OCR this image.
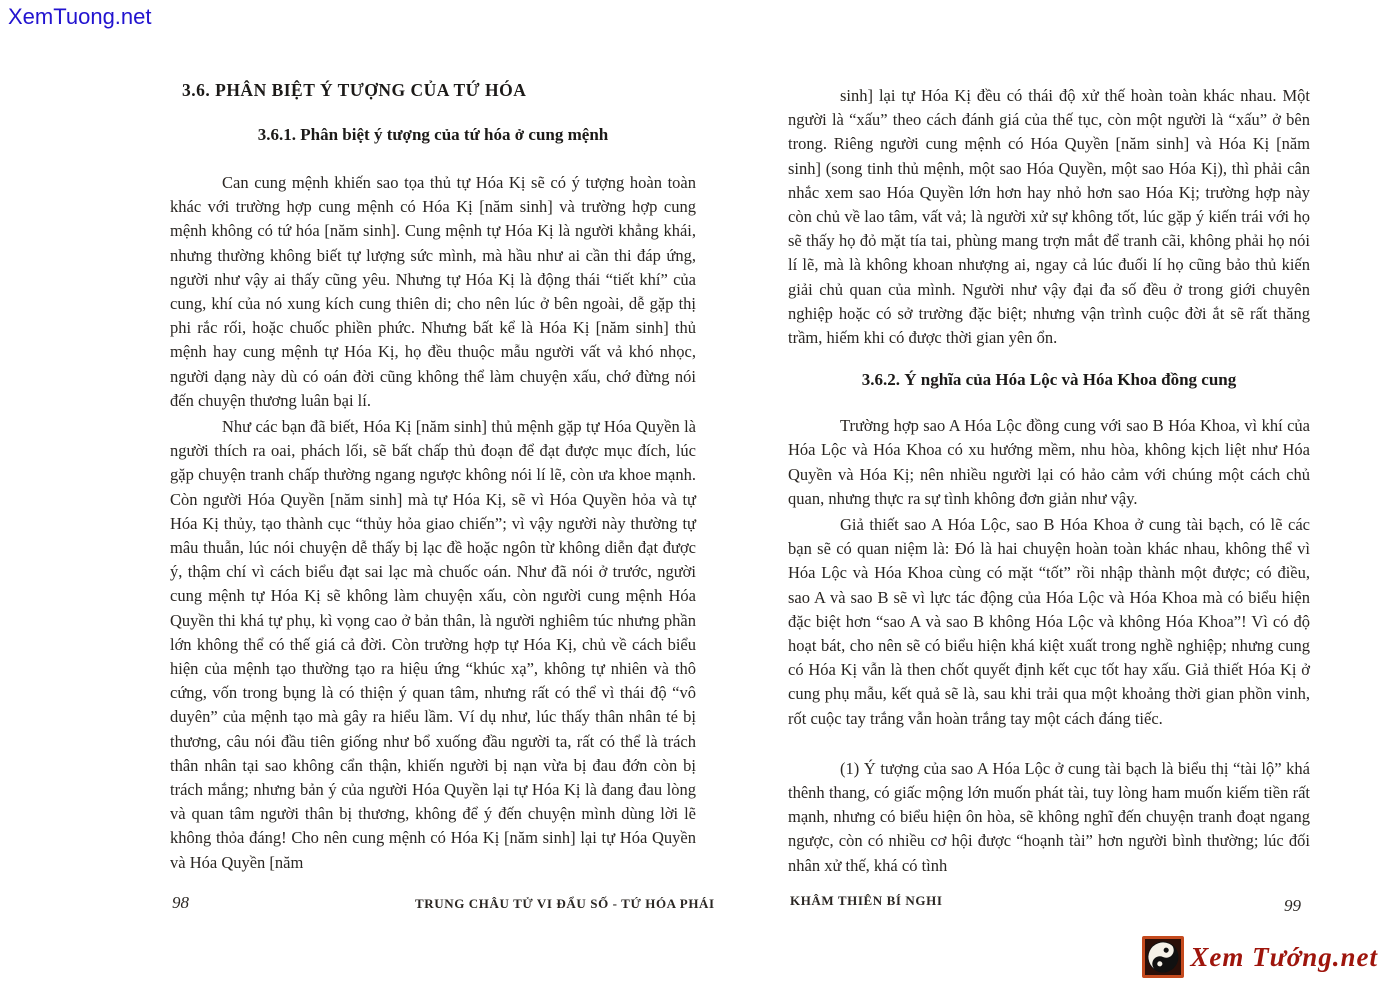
XemTuong.net
3.6. PHÂN BIỆT Ý TƯỢNG CỦA TỨ HÓA
3.6.1. Phân biệt ý tượng của tứ hóa ở cung mệnh

Can cung mệnh khiến sao tọa thủ tự Hóa Kị sẽ có ý tượng hoàn toàn khác với trường hợp cung mệnh có Hóa Kị [năm sinh] và trường hợp cung mệnh không có tứ hóa [năm sinh]. Cung mệnh tự Hóa Kị là người khẳng khái, nhưng thường không biết tự lượng sức mình, mà hầu như ai cần thi đáp ứng, người như vậy ai thấy cũng yêu. Nhưng tự Hóa Kị là động thái “tiết khí” của cung, khí của nó xung kích cung thiên di; cho nên lúc ở bên ngoài, dễ gặp thị phi rắc rối, hoặc chuốc phiền phức. Nhưng bất kể là Hóa Kị [năm sinh] thủ mệnh hay cung mệnh tự Hóa Kị, họ đều thuộc mẫu người vất vả khó nhọc, người dạng này dù có oán đời cũng không thể làm chuyện xấu, chớ đừng nói đến chuyện thương luân bại lí.

Như các bạn đã biết, Hóa Kị [năm sinh] thủ mệnh gặp tự Hóa Quyền là người thích ra oai, phách lối, sẽ bất chấp thủ đoạn để đạt được mục đích, lúc gặp chuyện tranh chấp thường ngang ngược không nói lí lẽ, còn ưa khoe mạnh. Còn người Hóa Quyền [năm sinh] mà tự Hóa Kị, sẽ vì Hóa Quyền hỏa và tự Hóa Kị thủy, tạo thành cục “thủy hỏa giao chiến”; vì vậy người này thường tự mâu thuẫn, lúc nói chuyện dễ thấy bị lạc đề hoặc ngôn từ không diễn đạt được ý, thậm chí vì cách biểu đạt sai lạc mà chuốc oán. Như đã nói ở trước, người cung mệnh tự Hóa Kị sẽ không làm chuyện xấu, còn người cung mệnh Hóa Quyền thi khá tự phụ, kì vọng cao ở bản thân, là người nghiêm túc nhưng phần lớn không thể có thế giá cả đời. Còn trường hợp tự Hóa Kị, chủ về cách biểu hiện của mệnh tạo thường tạo ra hiệu ứng “khúc xạ”, không tự nhiên và thô cứng, vốn trong bụng là có thiện ý quan tâm, nhưng rất có thể vì thái độ “vô duyên” của mệnh tạo mà gây ra hiểu lầm. Ví dụ như, lúc thấy thân nhân té bị thương, câu nói đầu tiên giống như bổ xuống đầu người ta, rất có thể là trách thân nhân tại sao không cẩn thận, khiến người bị nạn vừa bị đau đớn còn bị trách mắng; nhưng bản ý của người Hóa Quyền lại tự Hóa Kị là đang đau lòng và quan tâm người thân bị thương, không để ý đến chuyện mình dùng lời lẽ không thỏa đáng! Cho nên cung mệnh có Hóa Kị [năm sinh] lại tự Hóa Quyền và Hóa Quyền [năm

sinh] lại tự Hóa Kị đều có thái độ xử thế hoàn toàn khác nhau. Một người là “xấu” theo cách đánh giá của thế tục, còn một người là “xấu” ở bên trong. Riêng người cung mệnh có Hóa Quyền [năm sinh] và Hóa Kị [năm sinh] (song tinh thủ mệnh, một sao Hóa Quyền, một sao Hóa Kị), thì phải cân nhắc xem sao Hóa Quyền lớn hơn hay nhỏ hơn sao Hóa Kị; trường hợp này còn chủ về lao tâm, vất vả; là người xử sự không tốt, lúc gặp ý kiến trái với họ sẽ thấy họ đỏ mặt tía tai, phùng mang trợn mắt để tranh cãi, không phải họ nói lí lẽ, mà là không khoan nhượng ai, ngay cả lúc đuối lí họ cũng bảo thủ kiến giải chủ quan của mình. Người như vậy đại đa số đều ở trong giới chuyên nghiệp hoặc có sở trường đặc biệt; nhưng vận trình cuộc đời ắt sẽ rất thăng trầm, hiếm khi có được thời gian yên ổn.

3.6.2. Ý nghĩa của Hóa Lộc và Hóa Khoa đồng cung

Trường hợp sao A Hóa Lộc đồng cung với sao B Hóa Khoa, vì khí của Hóa Lộc và Hóa Khoa có xu hướng mềm, nhu hòa, không kịch liệt như Hóa Quyền và Hóa Kị; nên nhiều người lại có hảo cảm với chúng một cách chủ quan, nhưng thực ra sự tình không đơn giản như vậy.

Giả thiết sao A Hóa Lộc, sao B Hóa Khoa ở cung tài bạch, có lẽ các bạn sẽ có quan niệm là: Đó là hai chuyện hoàn toàn khác nhau, không thể vì Hóa Lộc và Hóa Khoa cùng có mặt “tốt” rồi nhập thành một được; có điều, sao A và sao B sẽ vì lực tác động của Hóa Lộc và Hóa Khoa mà có biểu hiện đặc biệt hơn “sao A và sao B không Hóa Lộc và không Hóa Khoa”! Vì có độ hoạt bát, cho nên sẽ có biểu hiện khá kiệt xuất trong nghề nghiệp; nhưng cung có Hóa Kị vẫn là then chốt quyết định kết cục tốt hay xấu. Giả thiết Hóa Kị ở cung phụ mẫu, kết quả sẽ là, sau khi trải qua một khoảng thời gian phồn vinh, rốt cuộc tay trắng vẫn hoàn trắng tay một cách đáng tiếc.

(1) Ý tượng của sao A Hóa Lộc ở cung tài bạch là biểu thị “tài lộ” khá thênh thang, có giấc mộng lớn muốn phát tài, tuy lòng ham muốn kiếm tiền rất mạnh, nhưng có biểu hiện ôn hòa, sẽ không nghĩ đến chuyện tranh đoạt ngang ngược, còn có nhiều cơ hội được “hoạnh tài” hơn người bình thường; lúc đối nhân xử thế, khá có tình

98	TRUNG CHÂU TỬ VI ĐẨU SỐ - TỨ HÓA PHÁI	KHÂM THIÊN BÍ NGHI	99
Xem Tướng.net
